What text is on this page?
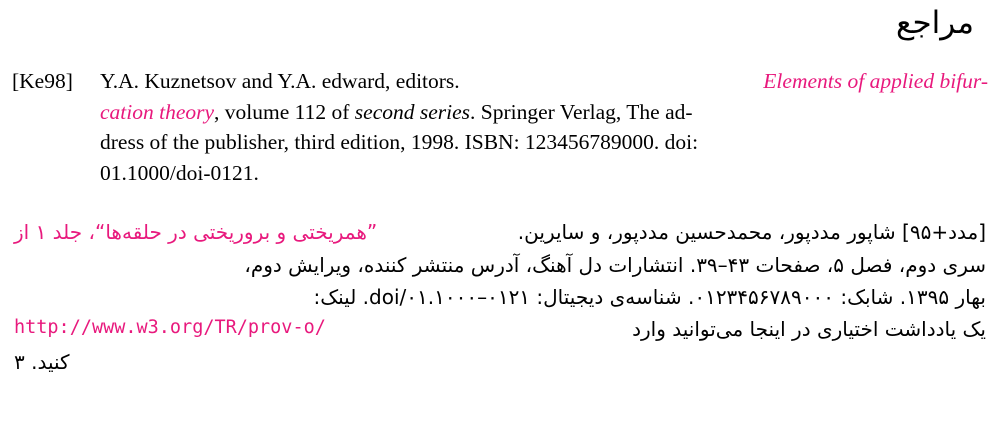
مراجع
[Ke98]	Y.A. Kuznetsov and Y.A. edward, editors.	Elements of applied bifur-
cation theory, volume 112 of second series. Springer Verlag, The ad-
dress of the publisher, third edition, 1998. ISBN: 123456789000. doi:
01.1000/doi-0121.
[مدد+۹۵] شاپور مددپور، محمدحسین مددپور، و سایرین.
”همریختی و بروریختی در حلقه‌ها“، جلد ۱ از
سری دوم، فصل ۵، صفحات ۴۳–۳۹. انتشارات دل آهنگ، آدرس منتشر کننده، ویرایش دوم،
بهار ۱۳۹۵. شابک: ۰۱۲۳۴۵۶۷۸۹۰۰۰. شناسه‌ی دیجیتال: ۰۱۲۱–doi/۰۱.۱۰۰۰. لینک:
یک یادداشت اختیاری در اینجا می‌توانید وارد
http://www.w3.org/TR/prov-o/
کنید. ۳
